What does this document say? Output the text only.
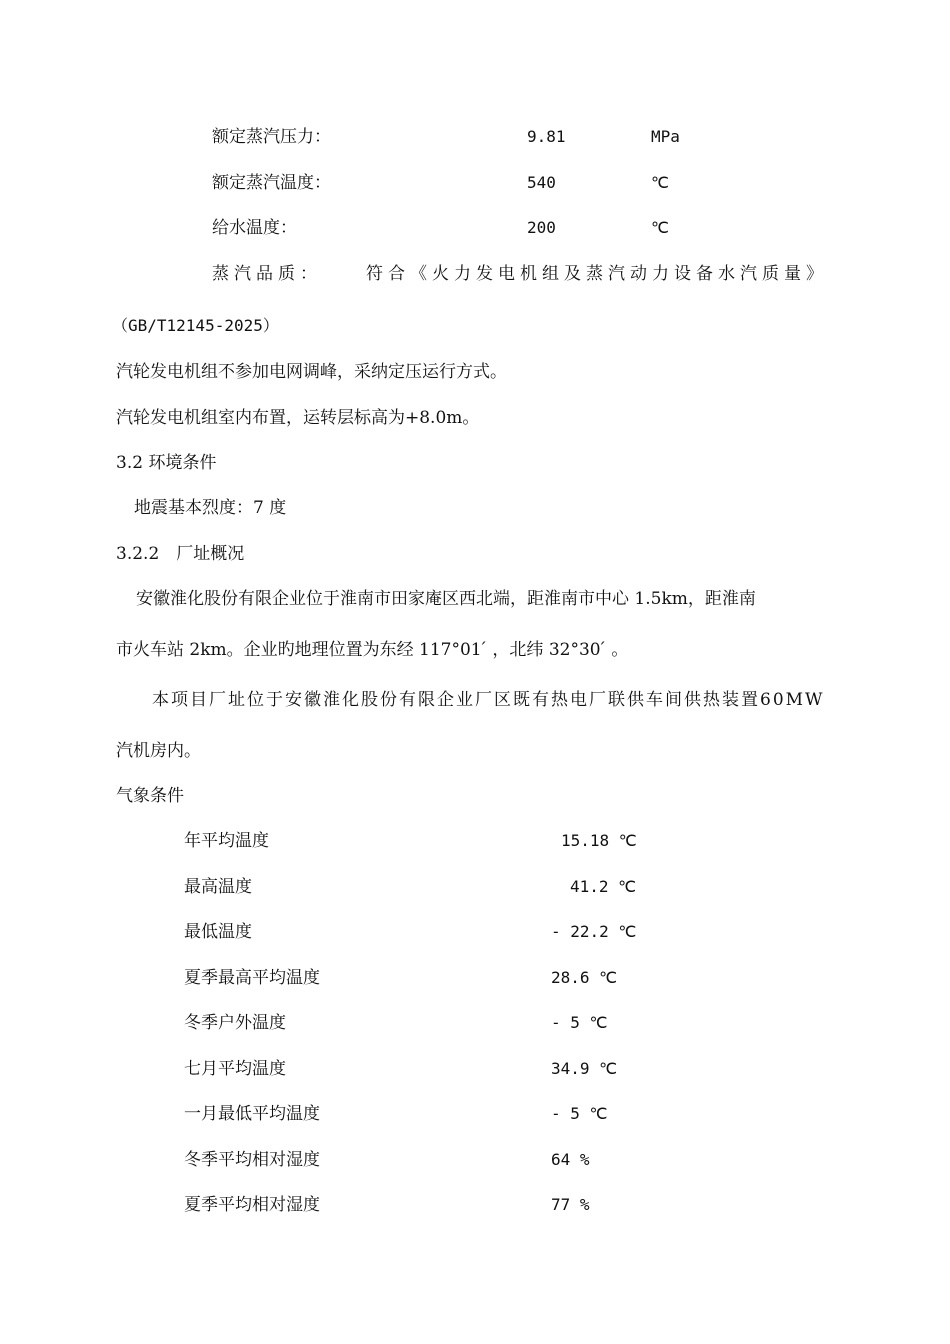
额定蒸汽压力：	9.81	MPa
额定蒸汽温度：	540	℃
给水温度：	200	℃
蒸汽品质：	符合《火力发电机组及蒸汽动力设备水汽质量》
（GB/T12145-2025）
汽轮发电机组不参加电网调峰，采纳定压运行方式。
汽轮发电机组室内布置，运转层标高为+8.0m。
3.2 环境条件
地震基本烈度：7 度
3.2.2　厂址概况
安徽淮化股份有限企业位于淮南市田家庵区西北端，距淮南市中心 1.5km，距淮南
市火车站 2km。企业旳地理位置为东经 117°01 ́ ，北纬 32°30 ́ 。
本项目厂址位于安徽淮化股份有限企业厂区既有热电厂联供车间供热装置60MW
汽机房内。
气象条件
年平均温度	15.18 ℃
最高温度	41.2 ℃
最低温度	- 22.2 ℃
夏季最高平均温度	28.6 ℃
冬季户外温度	- 5 ℃
七月平均温度	34.9 ℃
一月最低平均温度	- 5 ℃
冬季平均相对湿度	64 %
夏季平均相对湿度	77 %
